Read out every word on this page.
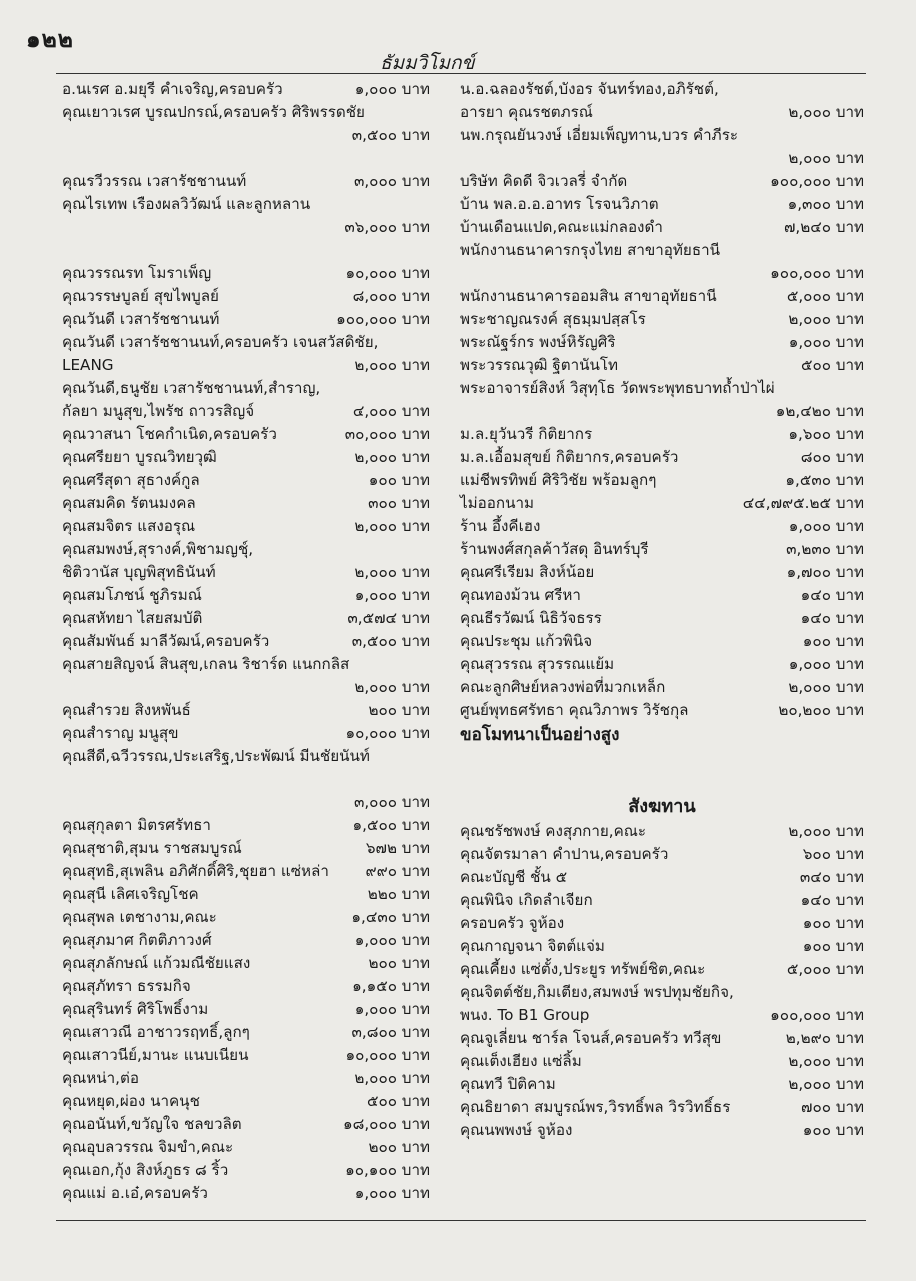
๑๒๒
ธัมมวิโมกข์
อ.นเรศ อ.มยุรี คำเจริญ,ครอบครัว	๑,๐๐๐ บาท
คุณเยาวเรศ บูรณปกรณ์,ครอบครัว ศิริพรรดชัย
๓,๕๐๐ บาท
คุณรวีวรรณ เวสารัชชานนท์	๓,๐๐๐ บาท
คุณไรเทพ เรืองผลวิวัฒน์ และลูกหลาน
๓๖,๐๐๐ บาท
คุณวรรณรท โมราเพ็ญ	๑๐,๐๐๐ บาท
คุณวรรษบูลย์ สุขไพบูลย์	๘,๐๐๐ บาท
คุณวันดี เวสารัชชานนท์	๑๐๐,๐๐๐ บาท
คุณวันดี เวสารัชชานนท์,ครอบครัว เจนสวัสดิชัย,
LEANG	๒,๐๐๐ บาท
คุณวันดี,ธนูชัย เวสารัชชานนท์,สำราญ,
กัลยา มนูสุข,ไพรัช ถาวรสิญจ์	๔,๐๐๐ บาท
คุณวาสนา โชคกำเนิด,ครอบครัว	๓๐,๐๐๐ บาท
คุณศรียยา บูรณวิทยวุฒิ	๒,๐๐๐ บาท
คุณศรีสุดา สุธางค์กูล	๑๐๐ บาท
คุณสมคิด รัตนมงคล	๓๐๐ บาท
คุณสมจิตร แสงอรุณ	๒,๐๐๐ บาท
คุณสมพงษ์,สุรางค์,พิชามญชุ์,
ชิติวานัส บุญพิสุทธินันท์	๒,๐๐๐ บาท
คุณสมโภชน์ ชูภิรมณ์	๑,๐๐๐ บาท
คุณสหัทยา ไสยสมบัติ	๓,๕๗๔ บาท
คุณสัมพันธ์ มาลีวัฒน์,ครอบครัว	๓,๕๐๐ บาท
คุณสายสิญจน์ สินสุข,เกลน ริชาร์ด แนกกลิส
๒,๐๐๐ บาท
คุณสำรวย สิงหพันธ์	๒๐๐ บาท
คุณสำราญ มนูสุข	๑๐,๐๐๐ บาท
คุณสีดี,ฉวีวรรณ,ประเสริฐ,ประพัฒน์ มีนชัยนันท์
๓,๐๐๐ บาท
คุณสุกุลตา มิตรศรัทธา	๑,๕๐๐ บาท
คุณสุชาติ,สุมน ราชสมบูรณ์	๖๗๒ บาท
คุณสุทธิ,สุเพลิน อภิศักดิ์ศิริ,ชุยฮา แซ่หล่า	๙๙๐ บาท
คุณสุนี เลิศเจริญโชค	๒๒๐ บาท
คุณสุพล เตชางาม,คณะ	๑,๔๓๐ บาท
คุณสุภมาศ กิตติภาวงศ์	๑,๐๐๐ บาท
คุณสุภลักษณ์ แก้วมณีชัยแสง	๒๐๐ บาท
คุณสุภัทรา ธรรมกิจ	๑,๑๕๐ บาท
คุณสุรินทร์ ศิริโพธิ์งาม	๑,๐๐๐ บาท
คุณเสาวณี อาชาวรฤทธิ์,ลูกๆ	๓,๘๐๐ บาท
คุณเสาวนีย์,มานะ แนบเนียน	๑๐,๐๐๐ บาท
คุณหน่า,ต่อ	๒,๐๐๐ บาท
คุณหยุด,ผ่อง นาคนุช	๕๐๐ บาท
คุณอนันท์,ขวัญใจ ชลขวลิต	๑๘,๐๐๐ บาท
คุณอุบลวรรณ จิมขำ,คณะ	๒๐๐ บาท
คุณเอก,กุ้ง สิงห์ภูธร ๘ ริ้ว	๑๐,๑๐๐ บาท
คุณแม่ อ.เอ๋,ครอบครัว	๑,๐๐๐ บาท
น.อ.ฉลองรัชต์,บังอร จันทร์ทอง,อภิรัชต์,
อารยา คุณรชตภรณ์	๒,๐๐๐ บาท
นพ.กรุณยันวงษ์ เอี่ยมเพ็ญทาน,บวร คำภีระ
๒,๐๐๐ บาท
บริษัท คิดดี จิวเวลรี่ จำกัด	๑๐๐,๐๐๐ บาท
บ้าน พล.อ.อ.อาทร โรจนวิภาต	๑,๓๐๐ บาท
บ้านเดือนแปด,คณะแม่กลองดำ	๗,๒๔๐ บาท
พนักงานธนาคารกรุงไทย สาขาอุทัยธานี
๑๐๐,๐๐๐ บาท
พนักงานธนาคารออมสิน สาขาอุทัยธานี	๕,๐๐๐ บาท
พระชาญณรงค์ สุธมฺมปสฺสโร	๒,๐๐๐ บาท
พระณัฐร์กร พงษ์หิรัญศิริ	๑,๐๐๐ บาท
พระวรรณวุฒิ ฐิตานันโท	๕๐๐ บาท
พระอาจารย์สิงห์ วิสุทฺโธ วัดพระพุทธบาทถ้ำป่าไผ่
๑๒,๔๒๐ บาท
ม.ล.ยุวันวรี กิติยากร	๑,๖๐๐ บาท
ม.ล.เอื้อมสุขย์ กิติยากร,ครอบครัว	๘๐๐ บาท
แม่ชีพรทิพย์ ศิริวิชัย พร้อมลูกๆ	๑,๕๓๐ บาท
ไม่ออกนาม	๔๔,๗๙๕.๒๕ บาท
ร้าน อึ้งคีเฮง	๑,๐๐๐ บาท
ร้านพงศ์สกุลค้าวัสดุ อินทร์บุรี	๓,๒๓๐ บาท
คุณศรีเรียม สิงห์น้อย	๑,๗๐๐ บาท
คุณทองม้วน ศรีหา	๑๔๐ บาท
คุณธีรวัฒน์ นิธิวัจธรร	๑๔๐ บาท
คุณประชุม แก้วพินิจ	๑๐๐ บาท
คุณสุวรรณ สุวรรณแย้ม	๑,๐๐๐ บาท
คณะลูกศิษย์หลวงพ่อที่มวกเหล็ก	๒,๐๐๐ บาท
ศูนย์พุทธศรัทธา คุณวิภาพร วิรัชกุล	๒๐,๒๐๐ บาท
ขอโมทนาเป็นอย่างสูง
สังฆทาน
คุณชรัชพงษ์ คงสุภกาย,คณะ	๒,๐๐๐ บาท
คุณจัตรมาลา คำปาน,ครอบครัว	๖๐๐ บาท
คณะบัญชี ชั้น ๕	๓๔๐ บาท
คุณพินิจ เกิดลำเจียก	๑๔๐ บาท
ครอบครัว จูห้อง	๑๐๐ บาท
คุณกาญจนา จิตต์แจ่ม	๑๐๐ บาท
คุณเคี้ยง แซ่ตั้ง,ประยูร ทรัพย์ชิต,คณะ	๕,๐๐๐ บาท
คุณจิตต์ชัย,กิมเตียง,สมพงษ์ พรปทุมชัยกิจ,
พนง. To B1 Group	๑๐๐,๐๐๐ บาท
คุณจูเลี่ยน ชาร์ล โจนส์,ครอบครัว ทวีสุข	๒,๒๙๐ บาท
คุณเต็งเฮียง แซ่ลิ้ม	๒,๐๐๐ บาท
คุณทวี ปิติคาม	๒,๐๐๐ บาท
คุณธิยาดา สมบูรณ์พร,วิรทธิ์พล วิรวิทธิ์ธร	๗๐๐ บาท
คุณนพพงษ์ จูห้อง	๑๐๐ บาท
